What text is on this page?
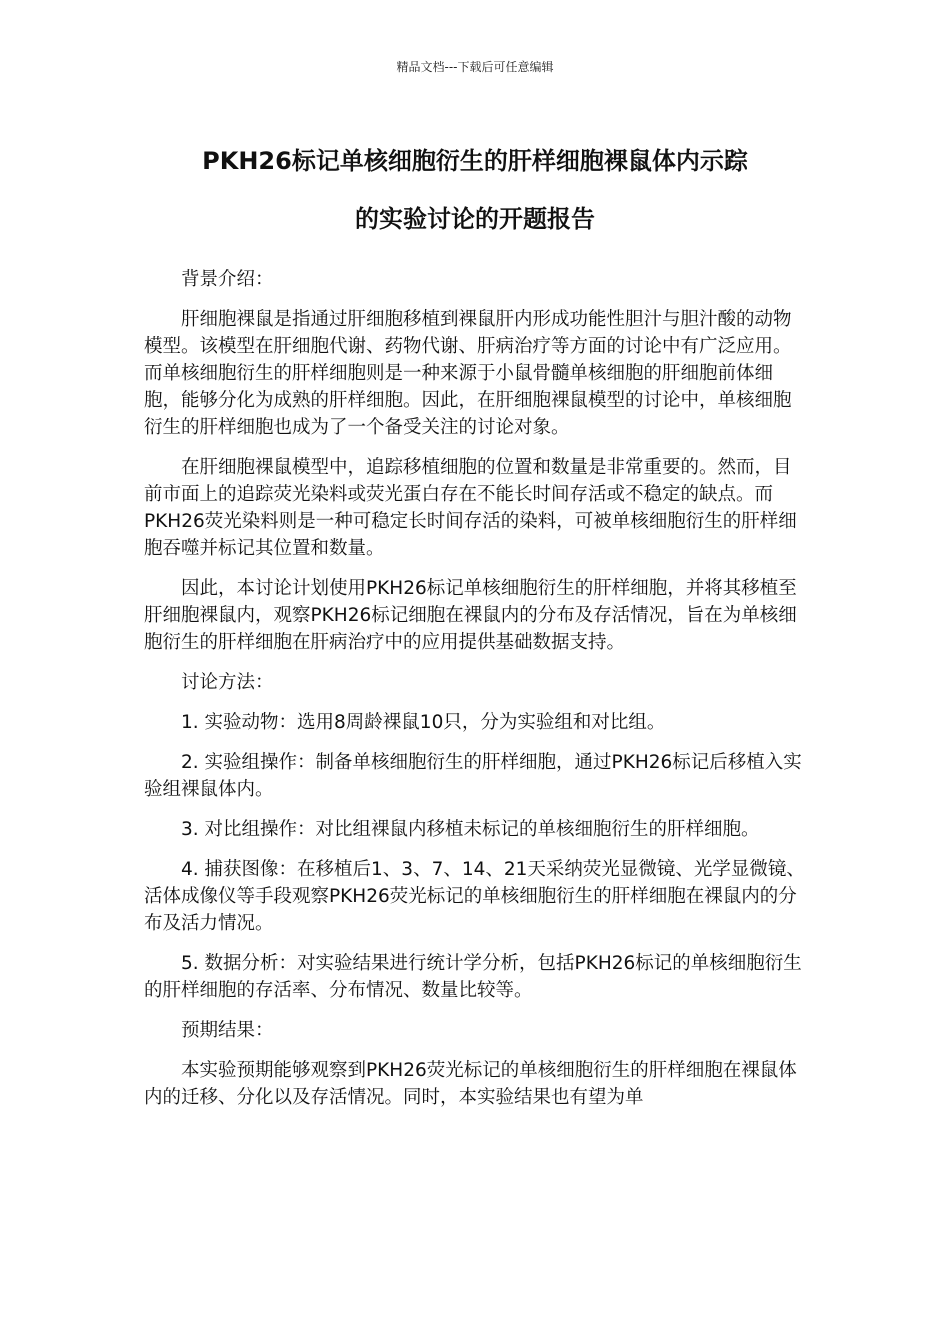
精品文档---下载后可任意编辑
PKH26标记单核细胞衍生的肝样细胞裸鼠体内示踪
的实验讨论的开题报告

背景介绍：

肝细胞裸鼠是指通过肝细胞移植到裸鼠肝内形成功能性胆汁与胆汁酸的动物模型。该模型在肝细胞代谢、药物代谢、肝病治疗等方面的讨论中有广泛应用。而单核细胞衍生的肝样细胞则是一种来源于小鼠骨髓单核细胞的肝细胞前体细胞，能够分化为成熟的肝样细胞。因此，在肝细胞裸鼠模型的讨论中，单核细胞衍生的肝样细胞也成为了一个备受关注的讨论对象。

在肝细胞裸鼠模型中，追踪移植细胞的位置和数量是非常重要的。然而，目前市面上的追踪荧光染料或荧光蛋白存在不能长时间存活或不稳定的缺点。而PKH26荧光染料则是一种可稳定长时间存活的染料，可被单核细胞衍生的肝样细胞吞噬并标记其位置和数量。

因此，本讨论计划使用PKH26标记单核细胞衍生的肝样细胞，并将其移植至肝细胞裸鼠内，观察PKH26标记细胞在裸鼠内的分布及存活情况，旨在为单核细胞衍生的肝样细胞在肝病治疗中的应用提供基础数据支持。

讨论方法：

1. 实验动物：选用8周龄裸鼠10只，分为实验组和对比组。

2. 实验组操作：制备单核细胞衍生的肝样细胞，通过PKH26标记后移植入实验组裸鼠体内。

3. 对比组操作：对比组裸鼠内移植未标记的单核细胞衍生的肝样细胞。

4. 捕获图像：在移植后1、3、7、14、21天采纳荧光显微镜、光学显微镜、活体成像仪等手段观察PKH26荧光标记的单核细胞衍生的肝样细胞在裸鼠内的分布及活力情况。

5. 数据分析：对实验结果进行统计学分析，包括PKH26标记的单核细胞衍生的肝样细胞的存活率、分布情况、数量比较等。

预期结果：

本实验预期能够观察到PKH26荧光标记的单核细胞衍生的肝样细胞在裸鼠体内的迁移、分化以及存活情况。同时，本实验结果也有望为单
